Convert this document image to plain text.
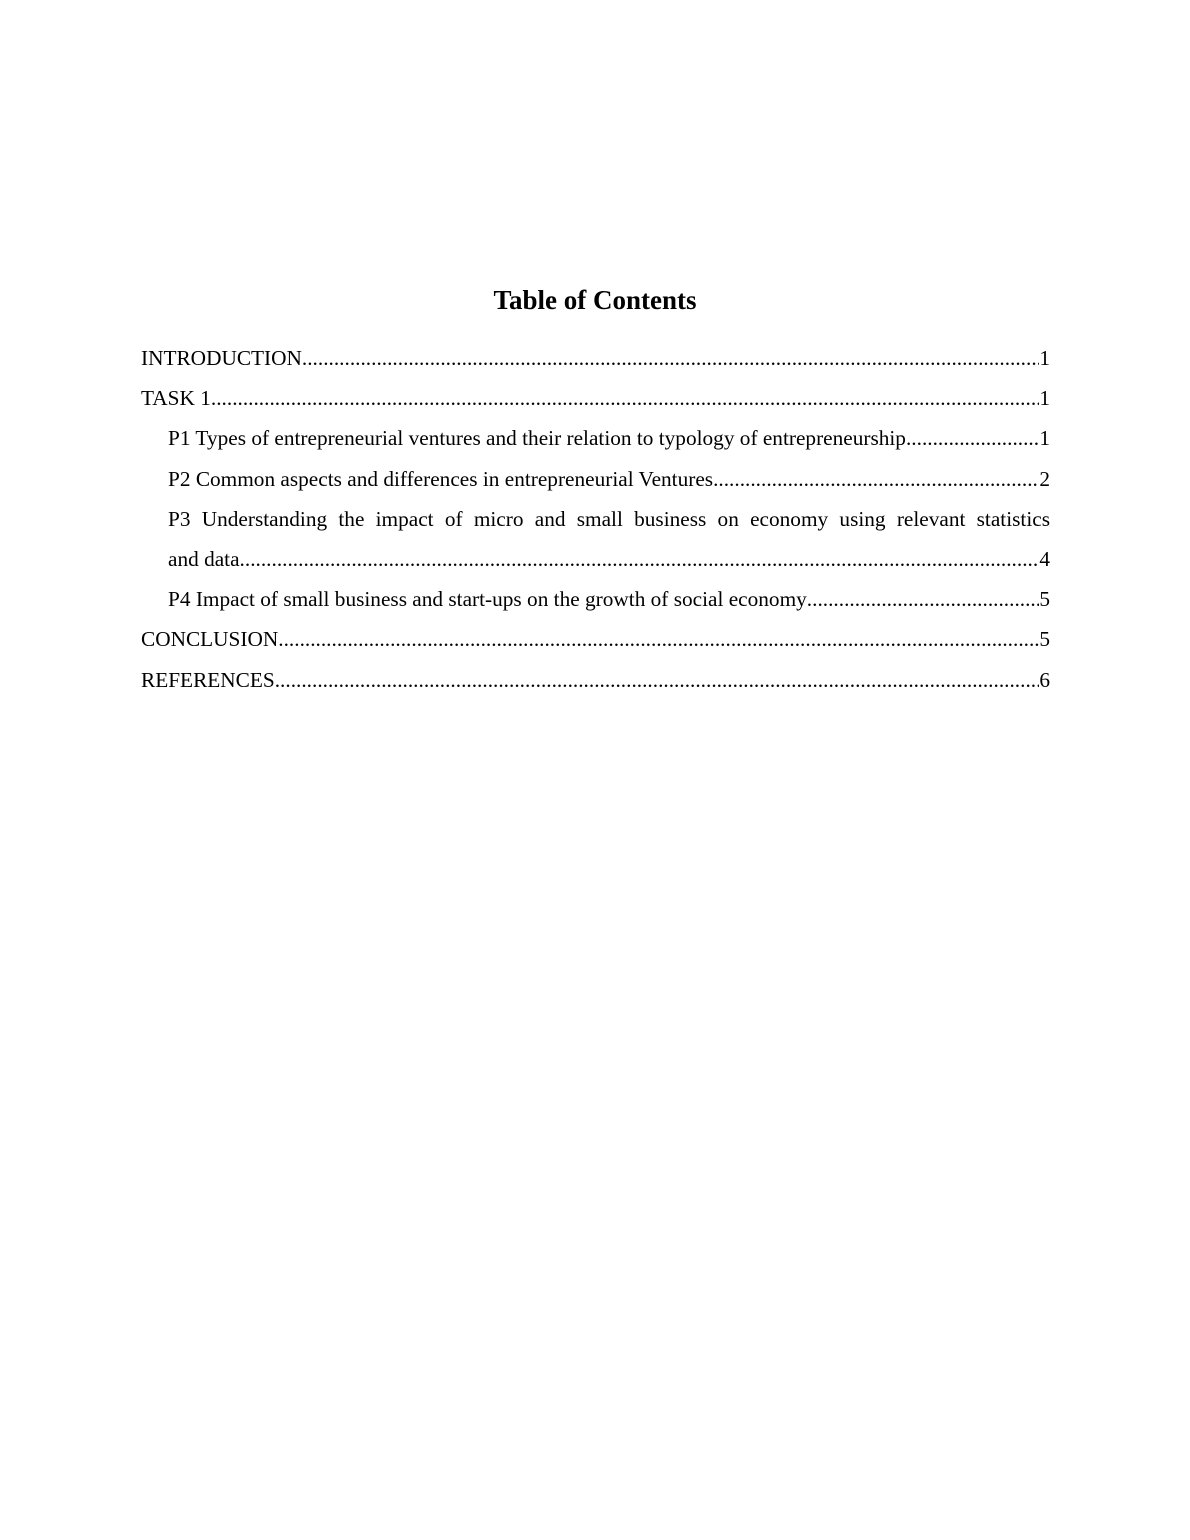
Table of Contents
INTRODUCTION .....	1
TASK 1 .....	1
P1 Types of entrepreneurial ventures and their relation to typology of entrepreneurship .....	1
P2 Common aspects and differences in entrepreneurial Ventures .....	2
P3 Understanding the impact of micro and small business on economy using relevant statistics
and data .....	4
P4 Impact of small business and start-ups on the growth of social economy .....	5
CONCLUSION .....	5
REFERENCES .....	6
